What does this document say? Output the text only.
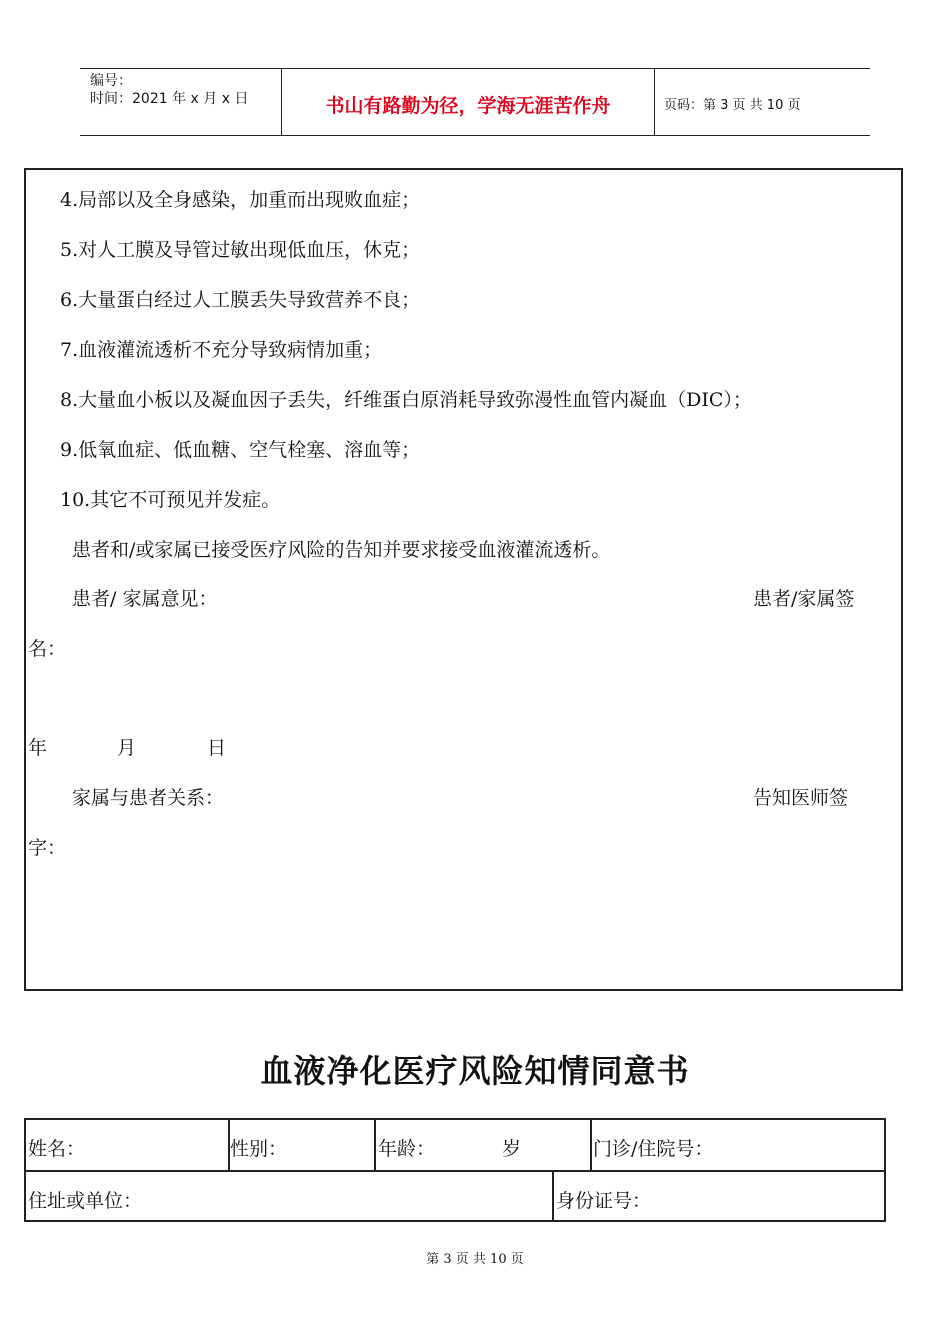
编号：
时间：2021 年 x 月 x 日	书山有路勤为径，学海无涯苦作舟	页码：第 3 页 共 10 页
4.局部以及全身感染，加重而出现败血症；
5.对人工膜及导管过敏出现低血压，休克；
6.大量蛋白经过人工膜丢失导致营养不良；
7.血液灌流透析不充分导致病情加重；
8.大量血小板以及凝血因子丢失，纤维蛋白原消耗导致弥漫性血管内凝血（DIC）；
9.低氧血症、低血糖、空气栓塞、溶血等；
10.其它不可预见并发症。
患者和/或家属已接受医疗风险的告知并要求接受血液灌流透析。
患者/ 家属意见：	患者/家属签
名：
年	月	日
家属与患者关系：	告知医师签
字：
血液净化医疗风险知情同意书
姓名：	性别：	年龄：	岁	门诊/住院号：
住址或单位：	身份证号：
第 3 页 共 10 页
